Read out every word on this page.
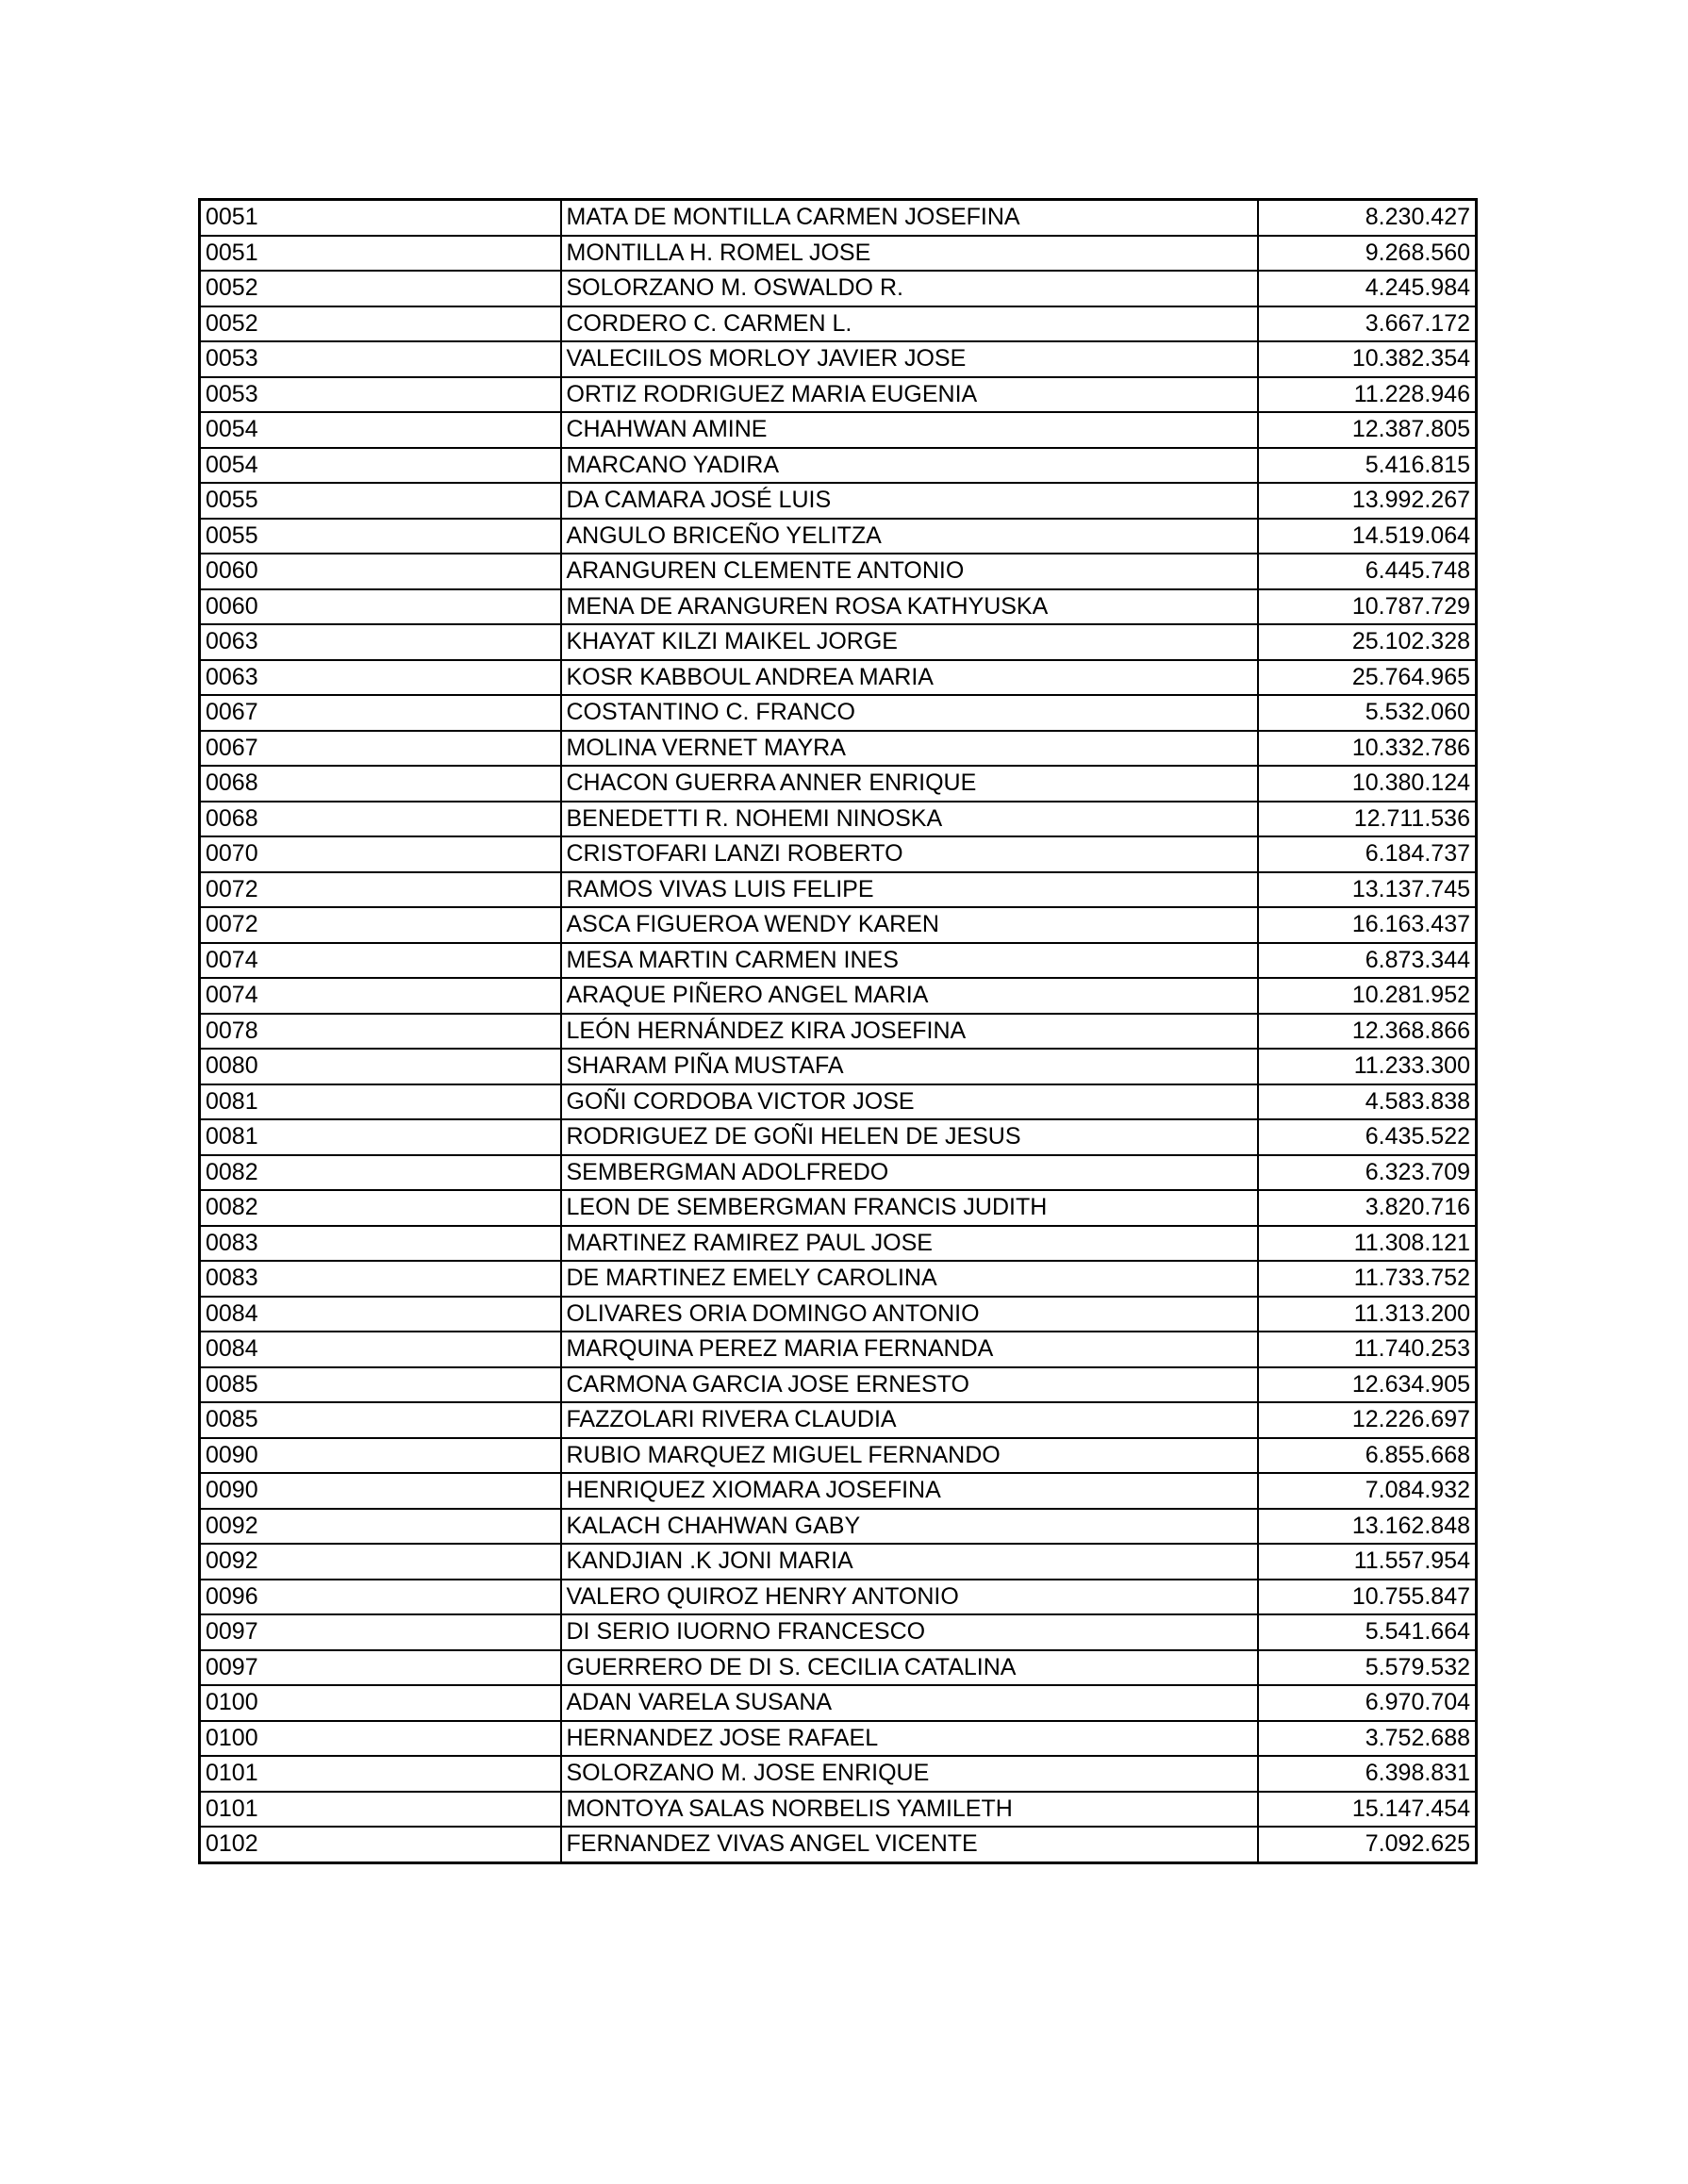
0051	MATA DE MONTILLA CARMEN JOSEFINA	8.230.427
0051	MONTILLA H. ROMEL JOSE	9.268.560
0052	SOLORZANO M. OSWALDO R.	4.245.984
0052	CORDERO C. CARMEN L.	3.667.172
0053	VALECIILOS MORLOY JAVIER JOSE	10.382.354
0053	ORTIZ RODRIGUEZ MARIA EUGENIA	11.228.946
0054	CHAHWAN AMINE	12.387.805
0054	MARCANO YADIRA	5.416.815
0055	DA CAMARA JOSÉ LUIS	13.992.267
0055	ANGULO BRICEÑO YELITZA	14.519.064
0060	ARANGUREN CLEMENTE ANTONIO	6.445.748
0060	MENA DE ARANGUREN ROSA KATHYUSKA	10.787.729
0063	KHAYAT KILZI MAIKEL JORGE	25.102.328
0063	KOSR KABBOUL ANDREA MARIA	25.764.965
0067	COSTANTINO C. FRANCO	5.532.060
0067	MOLINA VERNET MAYRA	10.332.786
0068	CHACON GUERRA ANNER ENRIQUE	10.380.124
0068	BENEDETTI R. NOHEMI NINOSKA	12.711.536
0070	CRISTOFARI LANZI ROBERTO	6.184.737
0072	RAMOS VIVAS LUIS FELIPE	13.137.745
0072	ASCA FIGUEROA WENDY KAREN	16.163.437
0074	MESA MARTIN CARMEN INES	6.873.344
0074	ARAQUE PIÑERO ANGEL MARIA	10.281.952
0078	LEÓN HERNÁNDEZ KIRA JOSEFINA	12.368.866
0080	SHARAM PIÑA MUSTAFA	11.233.300
0081	GOÑI CORDOBA VICTOR JOSE	4.583.838
0081	RODRIGUEZ DE GOÑI HELEN DE JESUS	6.435.522
0082	SEMBERGMAN ADOLFREDO	6.323.709
0082	LEON DE SEMBERGMAN FRANCIS JUDITH	3.820.716
0083	MARTINEZ RAMIREZ PAUL JOSE	11.308.121
0083	DE MARTINEZ EMELY CAROLINA	11.733.752
0084	OLIVARES ORIA DOMINGO ANTONIO	11.313.200
0084	MARQUINA PEREZ MARIA FERNANDA	11.740.253
0085	CARMONA GARCIA JOSE ERNESTO	12.634.905
0085	FAZZOLARI RIVERA CLAUDIA	12.226.697
0090	RUBIO MARQUEZ MIGUEL FERNANDO	6.855.668
0090	HENRIQUEZ XIOMARA JOSEFINA	7.084.932
0092	KALACH CHAHWAN GABY	13.162.848
0092	KANDJIAN .K JONI MARIA	11.557.954
0096	VALERO QUIROZ HENRY ANTONIO	10.755.847
0097	DI SERIO IUORNO FRANCESCO	5.541.664
0097	GUERRERO DE DI S. CECILIA CATALINA	5.579.532
0100	ADAN VARELA SUSANA	6.970.704
0100	HERNANDEZ JOSE RAFAEL	3.752.688
0101	SOLORZANO M. JOSE ENRIQUE	6.398.831
0101	MONTOYA SALAS NORBELIS YAMILETH	15.147.454
0102	FERNANDEZ VIVAS ANGEL VICENTE	7.092.625
